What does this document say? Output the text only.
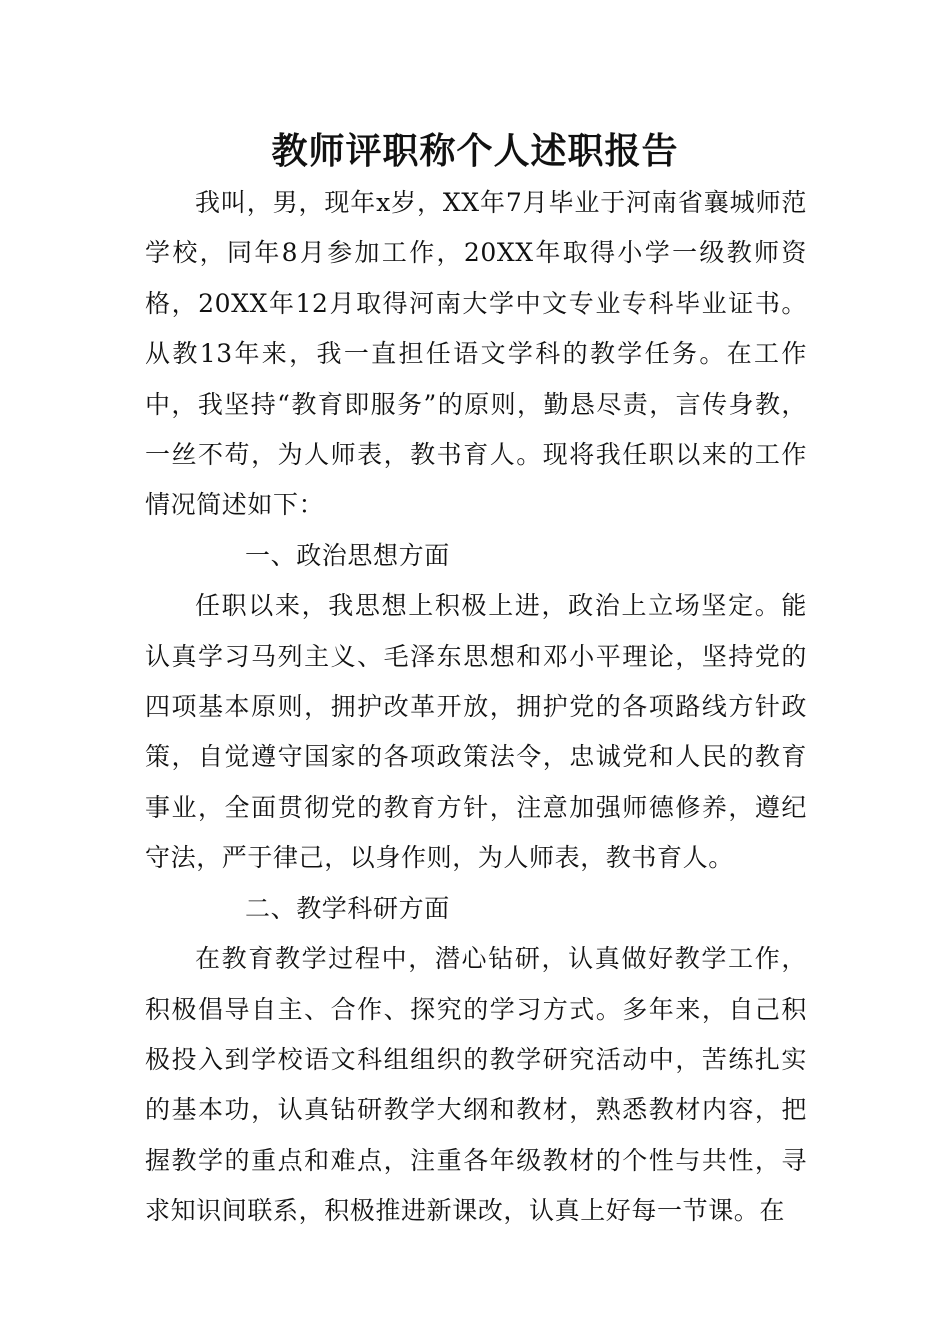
教师评职称个人述职报告

我叫，男，现年x岁，XX年7月毕业于河南省襄城师范学校，同年8月参加工作，20XX年取得小学一级教师资格，20XX年12月取得河南大学中文专业专科毕业证书。从教13年来，我一直担任语文学科的教学任务。在工作中，我坚持“教育即服务”的原则，勤恳尽责，言传身教，一丝不苟，为人师表，教书育人。现将我任职以来的工作情况简述如下：

一、政治思想方面

任职以来，我思想上积极上进，政治上立场坚定。能认真学习马列主义、毛泽东思想和邓小平理论，坚持党的四项基本原则，拥护改革开放，拥护党的各项路线方针政策，自觉遵守国家的各项政策法令，忠诚党和人民的教育事业，全面贯彻党的教育方针，注意加强师德修养，遵纪守法，严于律己，以身作则，为人师表，教书育人。

二、教学科研方面

在教育教学过程中，潜心钻研，认真做好教学工作，积极倡导自主、合作、探究的学习方式。多年来，自己积极投入到学校语文科组组织的教学研究活动中，苦练扎实的基本功，认真钻研教学大纲和教材，熟悉教材内容，把握教学的重点和难点，注重各年级教材的个性与共性，寻求知识间联系，积极推进新课改，认真上好每一节课。在
